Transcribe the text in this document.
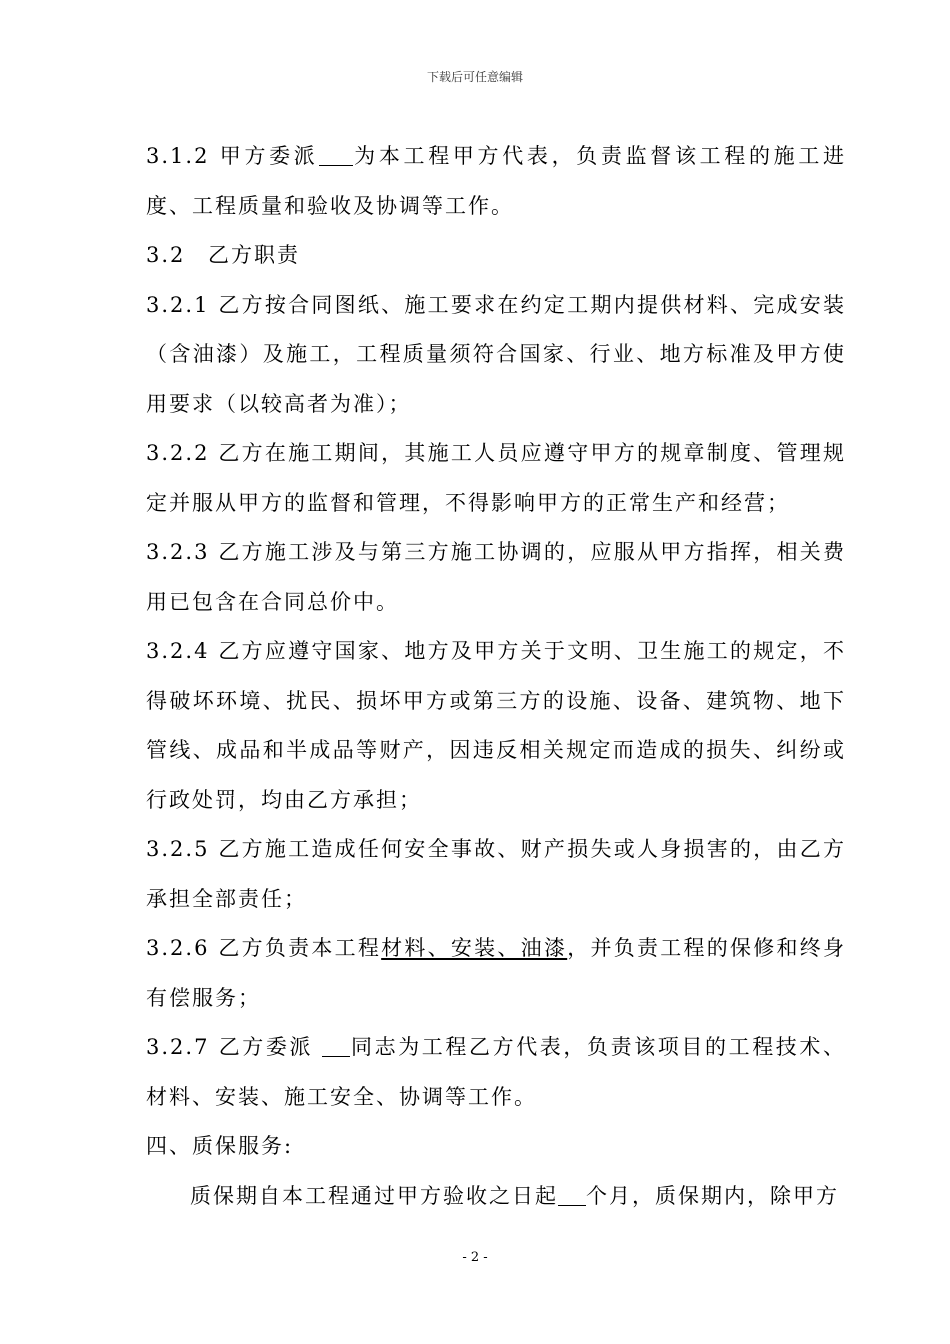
下载后可任意编辑

3.1.2 甲方委派 为本工程甲方代表，负责监督该工程的施工进度、工程质量和验收及协调等工作。

3.2 乙方职责

3.2.1 乙方按合同图纸、施工要求在约定工期内提供材料、完成安装（含油漆）及施工，工程质量须符合国家、行业、地方标准及甲方使用要求（以较高者为准）；

3.2.2 乙方在施工期间，其施工人员应遵守甲方的规章制度、管理规定并服从甲方的监督和管理，不得影响甲方的正常生产和经营；

3.2.3 乙方施工涉及与第三方施工协调的，应服从甲方指挥，相关费用已包含在合同总价中。

3.2.4 乙方应遵守国家、地方及甲方关于文明、卫生施工的规定，不得破坏环境、扰民、损坏甲方或第三方的设施、设备、建筑物、地下管线、成品和半成品等财产，因违反相关规定而造成的损失、纠纷或行政处罚，均由乙方承担；

3.2.5 乙方施工造成任何安全事故、财产损失或人身损害的，由乙方承担全部责任；

3.2.6 乙方负责本工程材料、安装、油漆，并负责工程的保修和终身有偿服务；

3.2.7 乙方委派 同志为工程乙方代表，负责该项目的工程技术、材料、安装、施工安全、协调等工作。

四、质保服务:

质保期自本工程通过甲方验收之日起 个月，质保期内，除甲方

- 2 -
